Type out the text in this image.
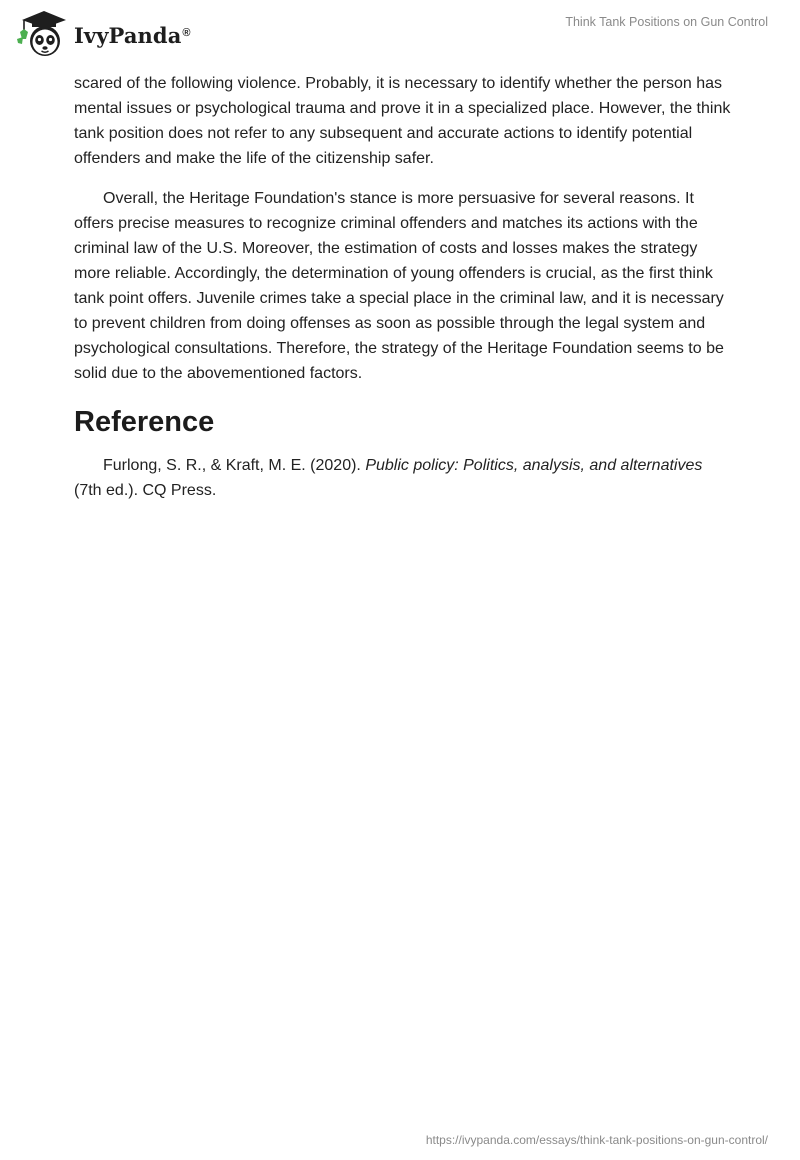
IvyPanda®
Think Tank Positions on Gun Control

scared of the following violence. Probably, it is necessary to identify whether the person has mental issues or psychological trauma and prove it in a specialized place. However, the think tank position does not refer to any subsequent and accurate actions to identify potential offenders and make the life of the citizenship safer.

Overall, the Heritage Foundation's stance is more persuasive for several reasons. It offers precise measures to recognize criminal offenders and matches its actions with the criminal law of the U.S. Moreover, the estimation of costs and losses makes the strategy more reliable. Accordingly, the determination of young offenders is crucial, as the first think tank point offers. Juvenile crimes take a special place in the criminal law, and it is necessary to prevent children from doing offenses as soon as possible through the legal system and psychological consultations. Therefore, the strategy of the Heritage Foundation seems to be solid due to the abovementioned factors.

Reference

Furlong, S. R., & Kraft, M. E. (2020). Public policy: Politics, analysis, and alternatives (7th ed.). CQ Press.

https://ivypanda.com/essays/think-tank-positions-on-gun-control/
